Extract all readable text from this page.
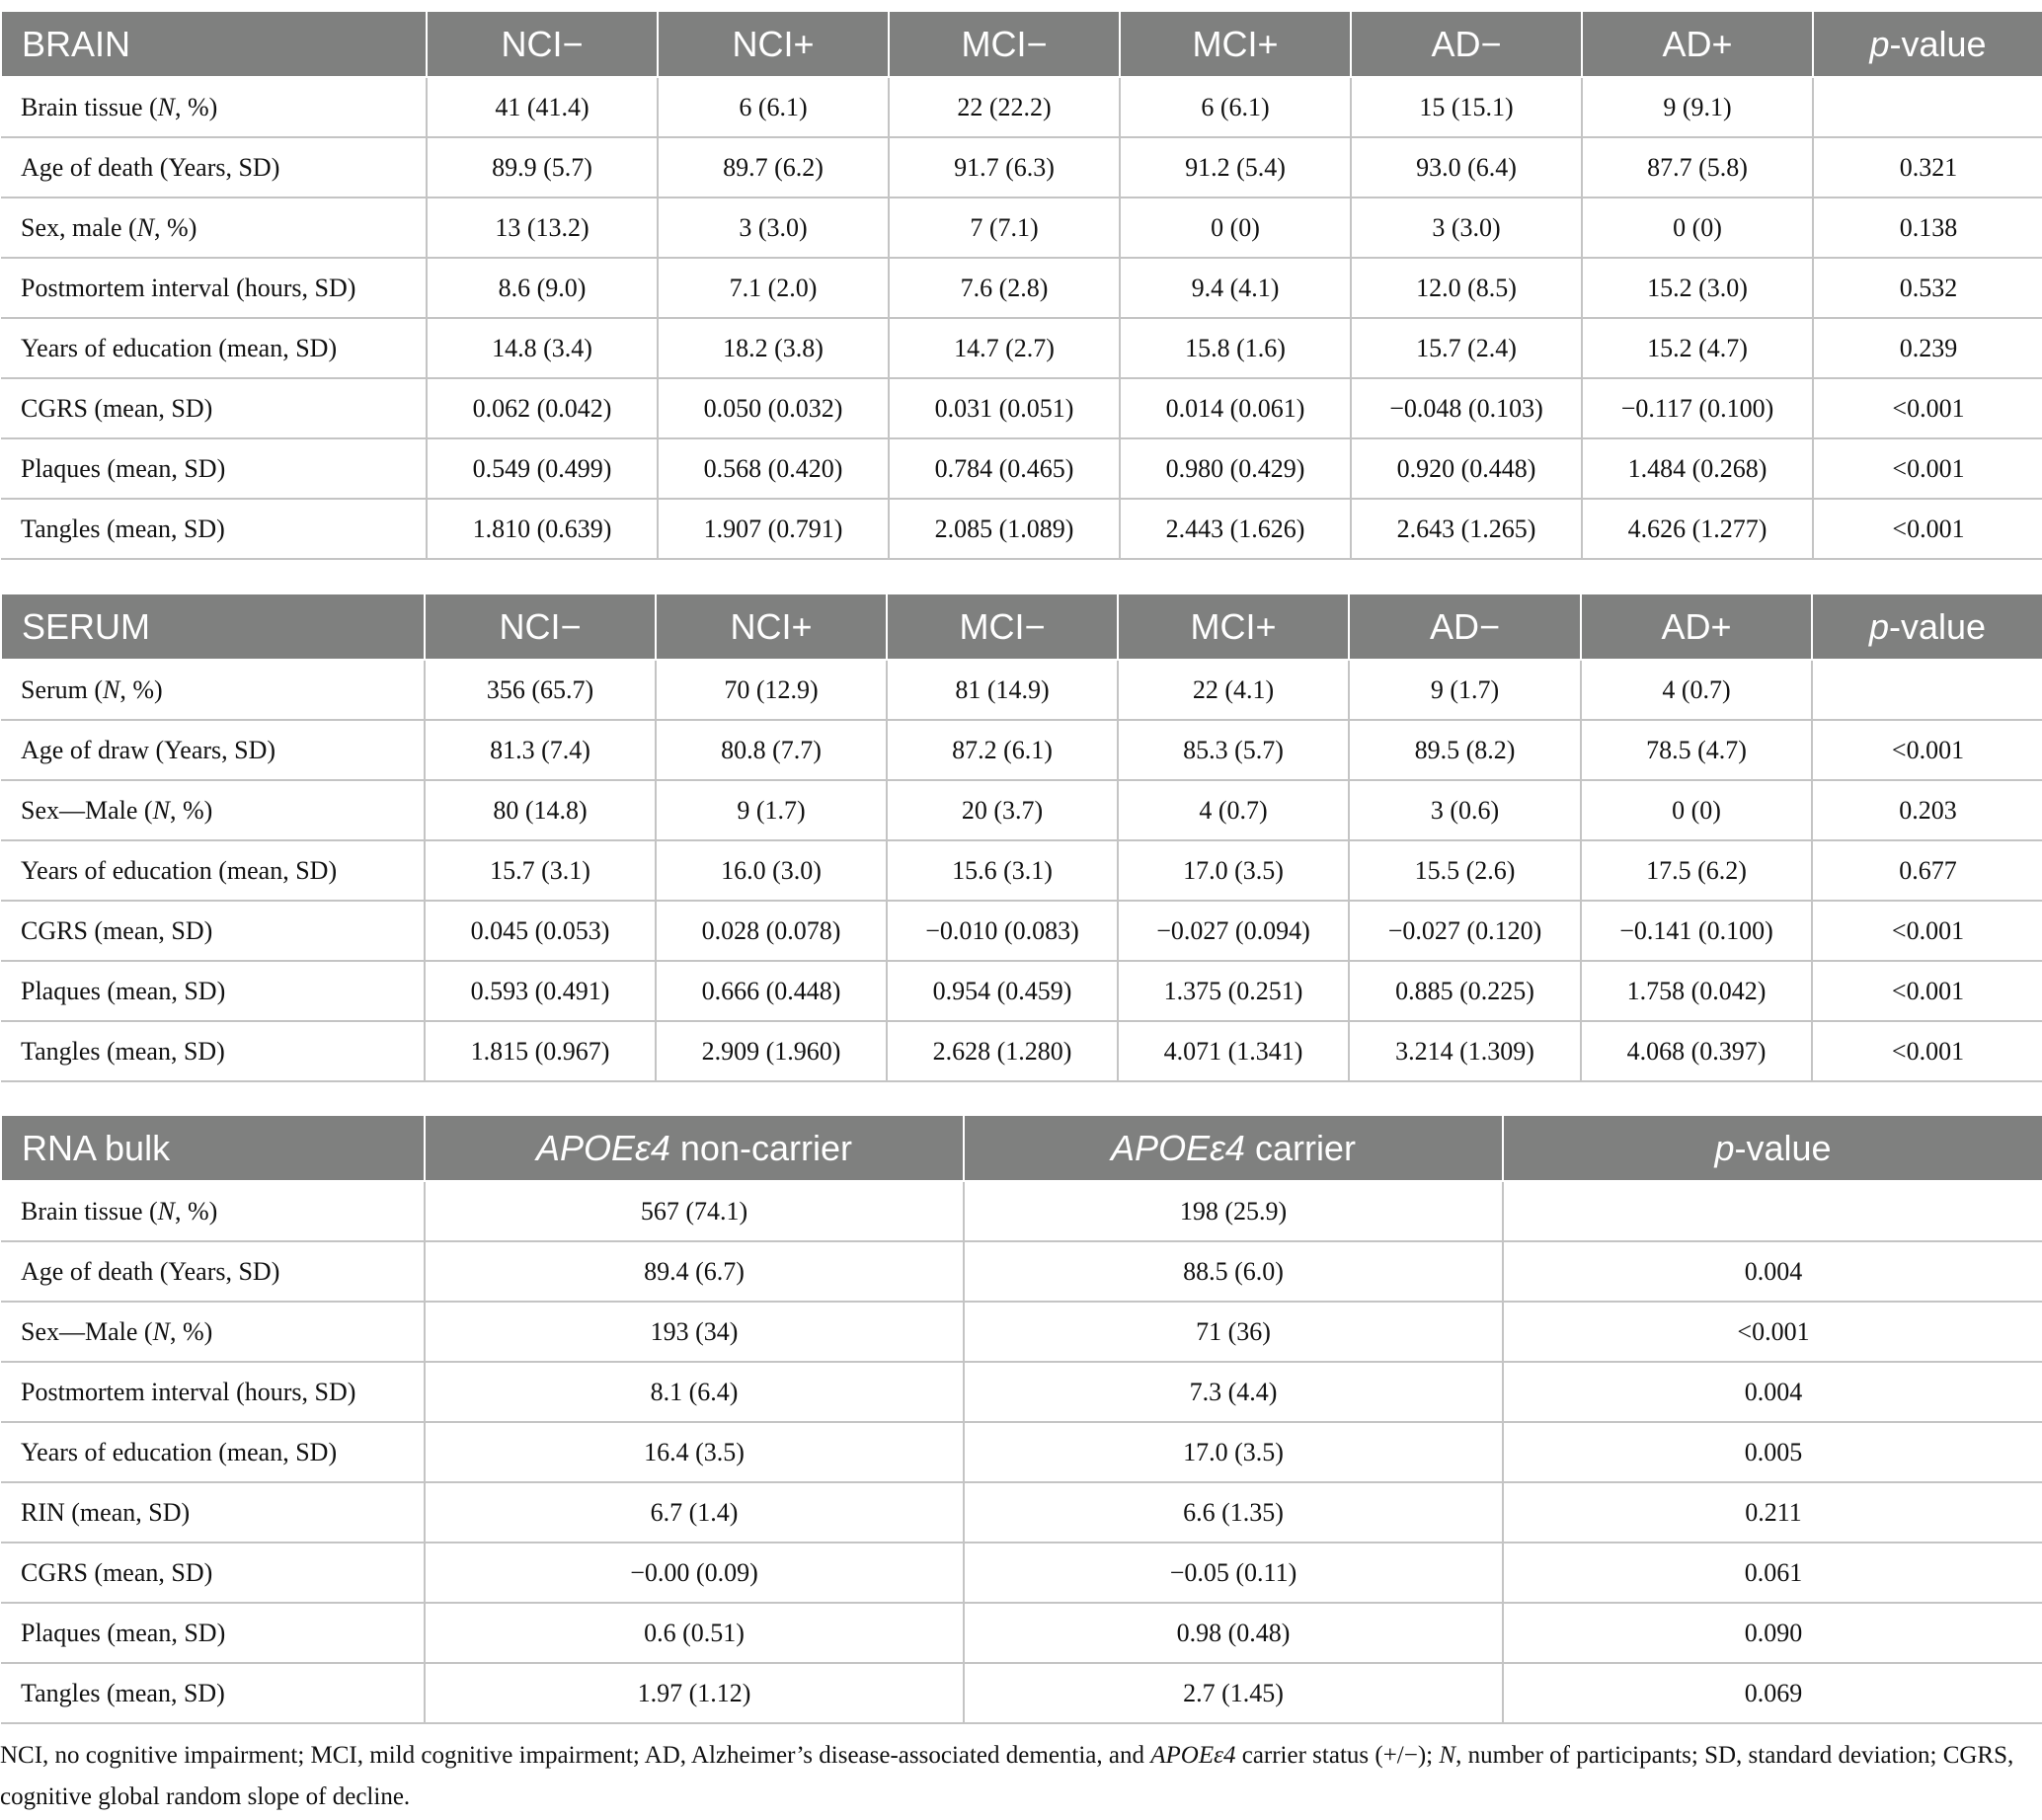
BRAIN	NCI−	NCI+	MCI−	MCI+	AD−	AD+	p-value
Brain tissue (N, %)	41 (41.4)	6 (6.1)	22 (22.2)	6 (6.1)	15 (15.1)	9 (9.1)	
Age of death (Years, SD)	89.9 (5.7)	89.7 (6.2)	91.7 (6.3)	91.2 (5.4)	93.0 (6.4)	87.7 (5.8)	0.321
Sex, male (N, %)	13 (13.2)	3 (3.0)	7 (7.1)	0 (0)	3 (3.0)	0 (0)	0.138
Postmortem interval (hours, SD)	8.6 (9.0)	7.1 (2.0)	7.6 (2.8)	9.4 (4.1)	12.0 (8.5)	15.2 (3.0)	0.532
Years of education (mean, SD)	14.8 (3.4)	18.2 (3.8)	14.7 (2.7)	15.8 (1.6)	15.7 (2.4)	15.2 (4.7)	0.239
CGRS (mean, SD)	0.062 (0.042)	0.050 (0.032)	0.031 (0.051)	0.014 (0.061)	−0.048 (0.103)	−0.117 (0.100)	<0.001
Plaques (mean, SD)	0.549 (0.499)	0.568 (0.420)	0.784 (0.465)	0.980 (0.429)	0.920 (0.448)	1.484 (0.268)	<0.001
Tangles (mean, SD)	1.810 (0.639)	1.907 (0.791)	2.085 (1.089)	2.443 (1.626)	2.643 (1.265)	4.626 (1.277)	<0.001
SERUM	NCI−	NCI+	MCI−	MCI+	AD−	AD+	p-value
Serum (N, %)	356 (65.7)	70 (12.9)	81 (14.9)	22 (4.1)	9 (1.7)	4 (0.7)	
Age of draw (Years, SD)	81.3 (7.4)	80.8 (7.7)	87.2 (6.1)	85.3 (5.7)	89.5 (8.2)	78.5 (4.7)	<0.001
Sex—Male (N, %)	80 (14.8)	9 (1.7)	20 (3.7)	4 (0.7)	3 (0.6)	0 (0)	0.203
Years of education (mean, SD)	15.7 (3.1)	16.0 (3.0)	15.6 (3.1)	17.0 (3.5)	15.5 (2.6)	17.5 (6.2)	0.677
CGRS (mean, SD)	0.045 (0.053)	0.028 (0.078)	−0.010 (0.083)	−0.027 (0.094)	−0.027 (0.120)	−0.141 (0.100)	<0.001
Plaques (mean, SD)	0.593 (0.491)	0.666 (0.448)	0.954 (0.459)	1.375 (0.251)	0.885 (0.225)	1.758 (0.042)	<0.001
Tangles (mean, SD)	1.815 (0.967)	2.909 (1.960)	2.628 (1.280)	4.071 (1.341)	3.214 (1.309)	4.068 (0.397)	<0.001
RNA bulk	APOEε4 non-carrier	APOEε4 carrier	p-value
Brain tissue (N, %)	567 (74.1)	198 (25.9)	
Age of death (Years, SD)	89.4 (6.7)	88.5 (6.0)	0.004
Sex—Male (N, %)	193 (34)	71 (36)	<0.001
Postmortem interval (hours, SD)	8.1 (6.4)	7.3 (4.4)	0.004
Years of education (mean, SD)	16.4 (3.5)	17.0 (3.5)	0.005
RIN (mean, SD)	6.7 (1.4)	6.6 (1.35)	0.211
CGRS (mean, SD)	−0.00 (0.09)	−0.05 (0.11)	0.061
Plaques (mean, SD)	0.6 (0.51)	0.98 (0.48)	0.090
Tangles (mean, SD)	1.97 (1.12)	2.7 (1.45)	0.069
NCI, no cognitive impairment; MCI, mild cognitive impairment; AD, Alzheimer’s disease-associated dementia, and APOEε4 carrier status (+/−); N, number of participants; SD, standard deviation; CGRS, cognitive global random slope of decline.
